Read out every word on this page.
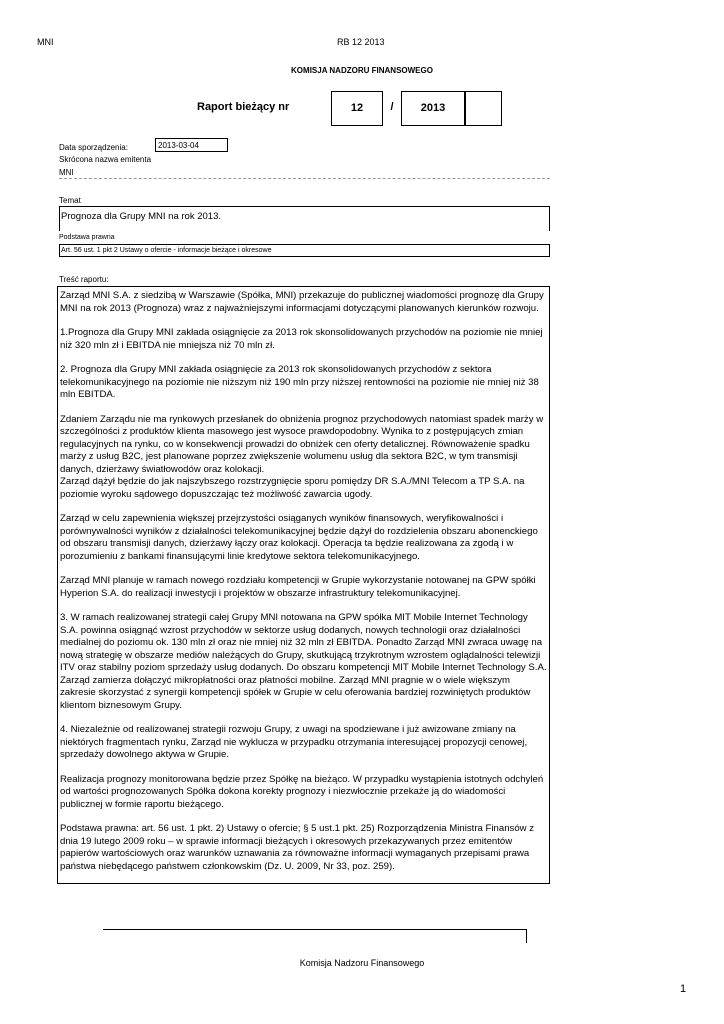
MNI	RB 12 2013
KOMISJA NADZORU FINANSOWEGO
Raport bieżący nr	12	/	2013
Data sporządzenia:	2013-03-04
Skrócona nazwa emitenta
MNI
Temat
Prognoza dla Grupy MNI na rok 2013.
Podstawa prawna
Art. 56 ust. 1 pkt 2 Ustawy o ofercie - informacje bieżące i okresowe
Treść raportu:

Zarząd MNI S.A. z siedzibą w Warszawie (Spółka, MNI) przekazuje do publicznej wiadomości prognozę dla Grupy MNI na rok 2013 (Prognoza) wraz z najważniejszymi informacjami dotyczącymi planowanych kierunków rozwoju.

1.Prognoza dla Grupy MNI zakłada osiągnięcie za 2013 rok skonsolidowanych przychodów na poziomie nie mniej niż 320 mln zł i EBITDA nie mniejsza niż 70 mln zł.

2. Prognoza dla Grupy MNI zakłada osiągnięcie za 2013 rok skonsolidowanych przychodów z sektora telekomunikacyjnego na poziomie nie niższym niż 190 mln przy niższej rentowności na poziomie nie mniej niż 38 mln EBITDA.

Zdaniem Zarządu nie ma rynkowych przesłanek do obniżenia prognoz przychodowych natomiast spadek marży w szczególności z produktów klienta masowego jest wysoce prawdopodobny. Wynika to z postępujących zmian regulacyjnych na rynku, co w konsekwencji prowadzi do obniżek cen oferty detalicznej. Równoważenie spadku marży z usług B2C, jest planowane poprzez zwiększenie wolumenu usług dla sektora B2C, w tym transmisji danych, dzierżawy światłowodów oraz kolokacji.
Zarząd dążył będzie do jak najszybszego rozstrzygnięcie sporu pomiędzy DR S.A./MNI Telecom a TP S.A. na poziomie wyroku sądowego dopuszczając też możliwość zawarcia ugody.

Zarząd w celu zapewnienia większej przejrzystości osiąganych wyników finansowych, weryfikowalności i porównywalności wyników z działalności telekomunikacyjnej będzie dążył do rozdzielenia obszaru abonenckiego od obszaru transmisji danych, dzierżawy łączy oraz kolokacji. Operacja ta będzie realizowana za zgodą i w porozumieniu z bankami finansującymi linie kredytowe sektora telekomunikacyjnego.

Zarząd MNI planuje w ramach nowego rozdziału kompetencji w Grupie wykorzystanie notowanej na GPW spółki Hyperion S.A. do realizacji inwestycji i projektów w obszarze infrastruktury telekomunikacyjnej.

3. W ramach realizowanej strategii całej Grupy MNI notowana na GPW spółka MIT Mobile Internet Technology S.A. powinna osiągnąć wzrost przychodów w sektorze usług dodanych, nowych technologii oraz działalności medialnej do poziomu ok. 130 mln zł oraz nie mniej niż 32 mln zł EBITDA. Ponadto Zarząd MNI zwraca uwagę na nową strategię w obszarze mediów należących do Grupy, skutkującą trzykrotnym wzrostem oglądalności telewizji ITV oraz stabilny poziom sprzedaży usług dodanych. Do obszaru kompetencji MIT Mobile Internet Technology S.A. Zarząd zamierza dołączyć mikropłatności oraz płatności mobilne. Zarząd MNI pragnie w o wiele większym zakresie skorzystać z synergii kompetencji spółek w Grupie w celu oferowania bardziej rozwiniętych produktów klientom biznesowym Grupy.

4. Niezależnie od realizowanej strategii rozwoju Grupy, z uwagi na spodziewane i już awizowane zmiany na niektórych fragmentach rynku, Zarząd nie wyklucza w przypadku otrzymania interesującej propozycji cenowej, sprzedaży dowolnego aktywa w Grupie.

Realizacja prognozy monitorowana będzie przez Spółkę na bieżąco. W przypadku wystąpienia istotnych odchyleń od wartości prognozowanych Spółka dokona korekty prognozy i niezwłocznie przekaże ją do wiadomości publicznej w formie raportu bieżącego.

Podstawa prawna: art. 56 ust. 1 pkt. 2) Ustawy o ofercie; § 5 ust.1 pkt. 25) Rozporządzenia Ministra Finansów z dnia 19 lutego 2009 roku – w sprawie informacji bieżących i okresowych przekazywanych przez emitentów papierów wartościowych oraz warunków uznawania za równoważne informacji wymaganych przepisami prawa państwa niebędącego państwem członkowskim (Dz. U. 2009, Nr 33, poz. 259).

Komisja Nadzoru Finansowego
1
